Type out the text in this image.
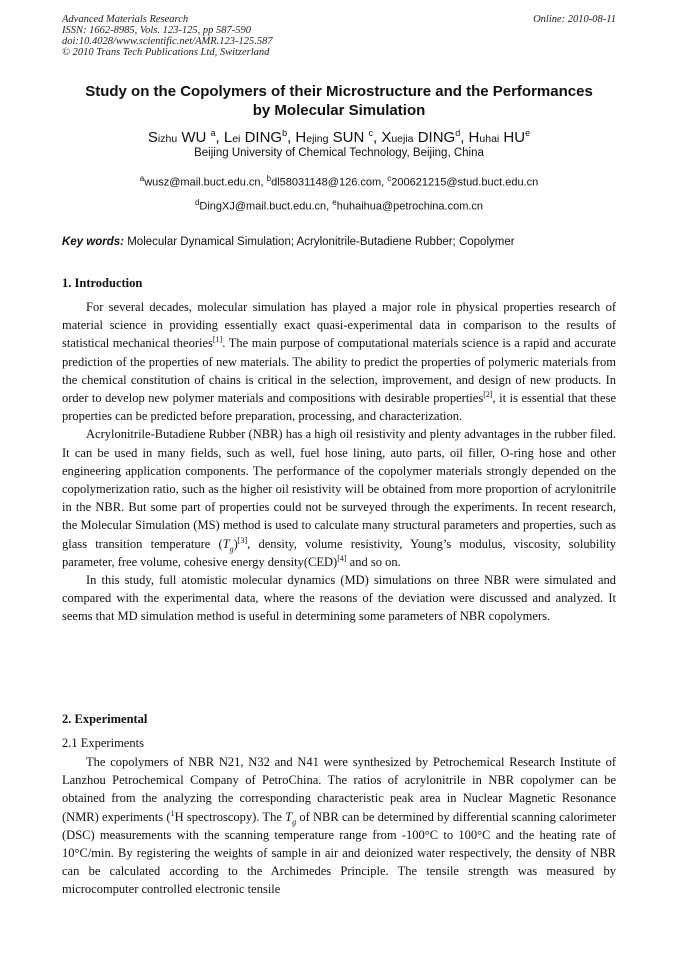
Advanced Materials Research
ISSN: 1662-8985, Vols. 123-125, pp 587-590
doi:10.4028/www.scientific.net/AMR.123-125.587
© 2010 Trans Tech Publications Ltd, Switzerland
Online: 2010-08-11
Study on the Copolymers of their Microstructure and the Performances
by Molecular Simulation
Sizhu WU $^a$, Lei DING$^b$, Hejing SUN $^c$, Xuejia DING$^d$, Huhai $HU^e$
Beijing University of Chemical Technology, Beijing, China
$^a$wusz@mail.buct.edu.cn, $^b$dl58031148@126.com, $^c$200621215@stud.buct.edu.cn
$^d$DingXJ@mail.buct.edu.cn, $^e$huhaihua@petrochina.com.cn
Key words: Molecular Dynamical Simulation; Acrylonitrile-Butadiene Rubber; Copolymer
1. Introduction

For several decades, molecular simulation has played a major role in physical properties research of material science in providing essentially exact quasi-experimental data in comparison to the results of statistical mechanical theories[1]. The main purpose of computational materials science is a rapid and accurate prediction of the properties of new materials. The ability to predict the properties of polymeric materials from the chemical constitution of chains is critical in the selection, improvement, and design of new products. In order to develop new polymer materials and compositions with desirable properties[2], it is essential that these properties can be predicted before preparation, processing, and characterization.

Acrylonitrile-Butadiene Rubber (NBR) has a high oil resistivity and plenty advantages in the rubber filed. It can be used in many fields, such as well, fuel hose lining, auto parts, oil filler, O-ring hose and other engineering application components. The performance of the copolymer materials strongly depended on the copolymerization ratio, such as the higher oil resistivity will be obtained from more proportion of acrylonitrile in the NBR. But some part of properties could not be surveyed through the experiments. In recent research, the Molecular Simulation (MS) method is used to calculate many structural parameters and properties, such as glass transition temperature $(T_g)[3]$, density, volume resistivity, Young’s modulus, viscosity, solubility parameter, free volume, cohesive energy density(CED)[4] and so on.

In this study, full atomistic molecular dynamics (MD) simulations on three NBR were simulated and compared with the experimental data, where the reasons of the deviation were discussed and analyzed. It seems that MD simulation method is useful in determining some parameters of NBR copolymers.

2. Experimental
2.1 Experiments

The copolymers of NBR N21, N32 and N41 were synthesized by Petrochemical Research Institute of Lanzhou Petrochemical Company of PetroChina. The ratios of acrylonitrile in NBR copolymer can be obtained from the analyzing the corresponding characteristic peak area in Nuclear Magnetic Resonance (NMR) experiments ($^1$H spectroscopy). The $T_g$ of NBR can be determined by differential scanning calorimeter (DSC) measurements with the scanning temperature range from -100°C to 100°C and the heating rate of 10°C/min. By registering the weights of sample in air and deionized water respectively, the density of NBR can be calculated according to the Archimedes Principle. The tensile strength was measured by microcomputer controlled electronic tensile
